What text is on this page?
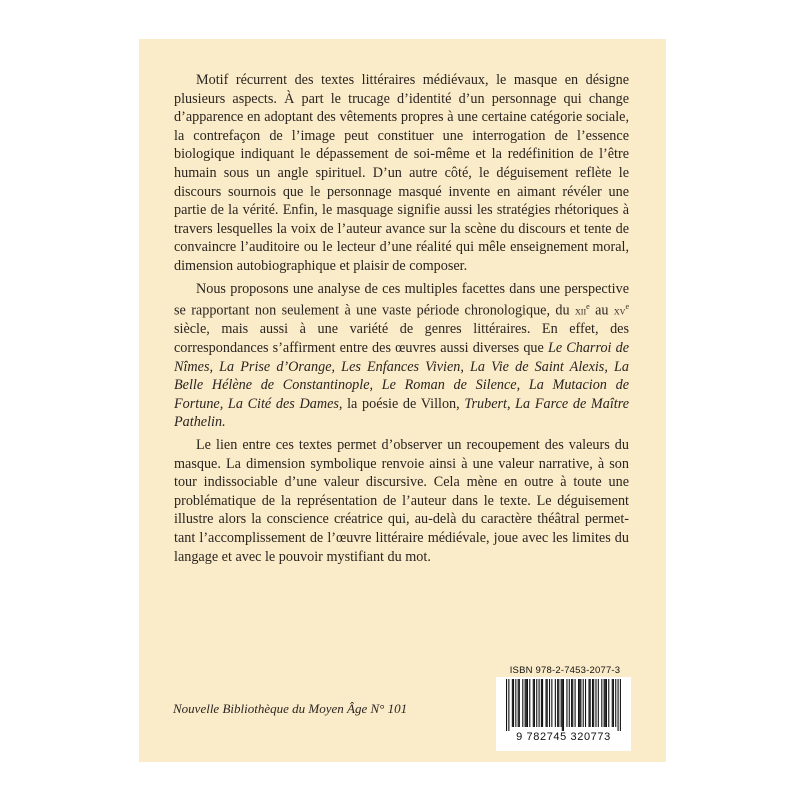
Motif récurrent des textes littéraires médiévaux, le masque en désigne plusieurs aspects. À part le trucage d’identité d’un personnage qui change d’apparence en adoptant des vêtements propres à une certaine catégorie sociale, la contrefaçon de l’image peut constituer une interrogation de l’essence biologique indiquant le dépassement de soi-même et la redéfinition de l’être humain sous un angle spirituel. D’un autre côté, le déguisement reflète le discours sournois que le personnage masqué invente en aimant révéler une partie de la vérité. Enfin, le masquage signifie aussi les stratégies rhétoriques à travers lesquelles la voix de l’auteur avance sur la scène du discours et tente de convaincre l’auditoire ou le lecteur d’une réalité qui mêle enseignement moral, dimension autobiographique et plaisir de composer.

Nous proposons une analyse de ces multiples facettes dans une perspective se rapportant non seulement à une vaste période chronologique, du xii$^e$ au $xv^e$ siècle, mais aussi à une variété de genres littéraires. En effet, des correspondances s’affirment entre des œuvres aussi diverses que Le Charroi de Nîmes, La Prise d’Orange, Les Enfances Vivien, La Vie de Saint Alexis, La Belle Hélène de Constantinople, Le Roman de Silence, La Mutacion de Fortune, La Cité des Dames, la poésie de Villon, Trubert, La Farce de Maître Pathelin.

Le lien entre ces textes permet d’observer un recoupement des valeurs du masque. La dimension symbolique renvoie ainsi à une valeur narrative, à son tour indissociable d’une valeur discursive. Cela mène en outre à toute une problématique de la représentation de l’auteur dans le texte. Le déguisement illustre alors la conscience créatrice qui, au-delà du caractère théâtral permettant l’accomplissement de l’œuvre littéraire médiévale, joue avec les limites du langage et avec le pouvoir mystifiant du mot.

Nouvelle Bibliothèque du Moyen Âge N° 101
ISBN 978-2-7453-2077-3
9 782745 320773
